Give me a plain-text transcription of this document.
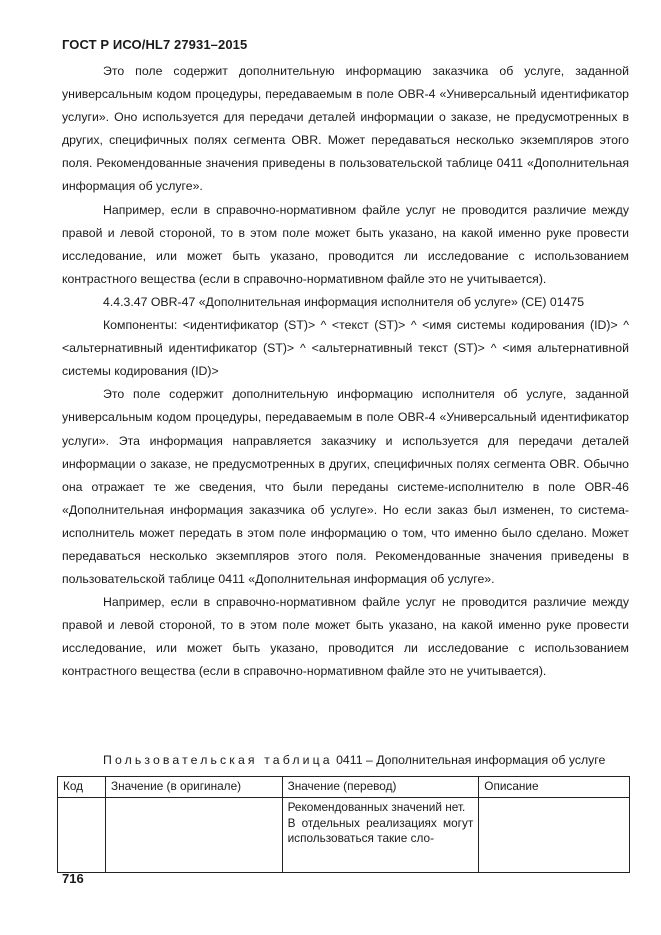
ГОСТ Р ИСО/HL7 27931–2015

Это поле содержит дополнительную информацию заказчика об услуге, заданной универсальным кодом процедуры, передаваемым в поле OBR-4 «Универсальный идентификатор услуги». Оно используется для передачи деталей информации о заказе, не предусмотренных в других, специфичных полях сегмента OBR. Может передаваться несколько экземпляров этого поля. Рекомендованные значения приведены в пользовательской таблице 0411 «Дополнительная информация об услуге».

Например, если в справочно-нормативном файле услуг не проводится различие между правой и левой стороной, то в этом поле может быть указано, на какой именно руке провести исследование, или может быть указано, проводится ли исследование с использованием контрастного вещества (если в справочно-нормативном файле это не учитывается).

4.4.3.47 OBR-47 «Дополнительная информация исполнителя об услуге» (CE) 01475

Компоненты: <идентификатор (ST)> ^ <текст (ST)> ^ <имя системы кодирования (ID)> ^ <альтернативный идентификатор (ST)> ^ <альтернативный текст (ST)> ^ <имя альтернативной системы кодирования (ID)>

Это поле содержит дополнительную информацию исполнителя об услуге, заданной универсальным кодом процедуры, передаваемым в поле OBR-4 «Универсальный идентификатор услуги». Эта информация направляется заказчику и используется для передачи деталей информации о заказе, не предусмотренных в других, специфичных полях сегмента OBR. Обычно она отражает те же сведения, что были переданы системе-исполнителю в поле OBR-46 «Дополнительная информация заказчика об услуге». Но если заказ был изменен, то система-исполнитель может передать в этом поле информацию о том, что именно было сделано. Может передаваться несколько экземпляров этого поля. Рекомендованные значения приведены в пользовательской таблице 0411 «Дополнительная информация об услуге».

Например, если в справочно-нормативном файле услуг не проводится различие между правой и левой стороной, то в этом поле может быть указано, на какой именно руке провести исследование, или может быть указано, проводится ли исследование с использованием контрастного вещества (если в справочно-нормативном файле это не учитывается).

Пользовательская таблица 0411 – Дополнительная информация об услуге
Код	Значение (в оригинале)	Значение (перевод)	Описание

		Рекомендованных значений нет.
В отдельных реализациях могут использоваться такие сло-	

716
